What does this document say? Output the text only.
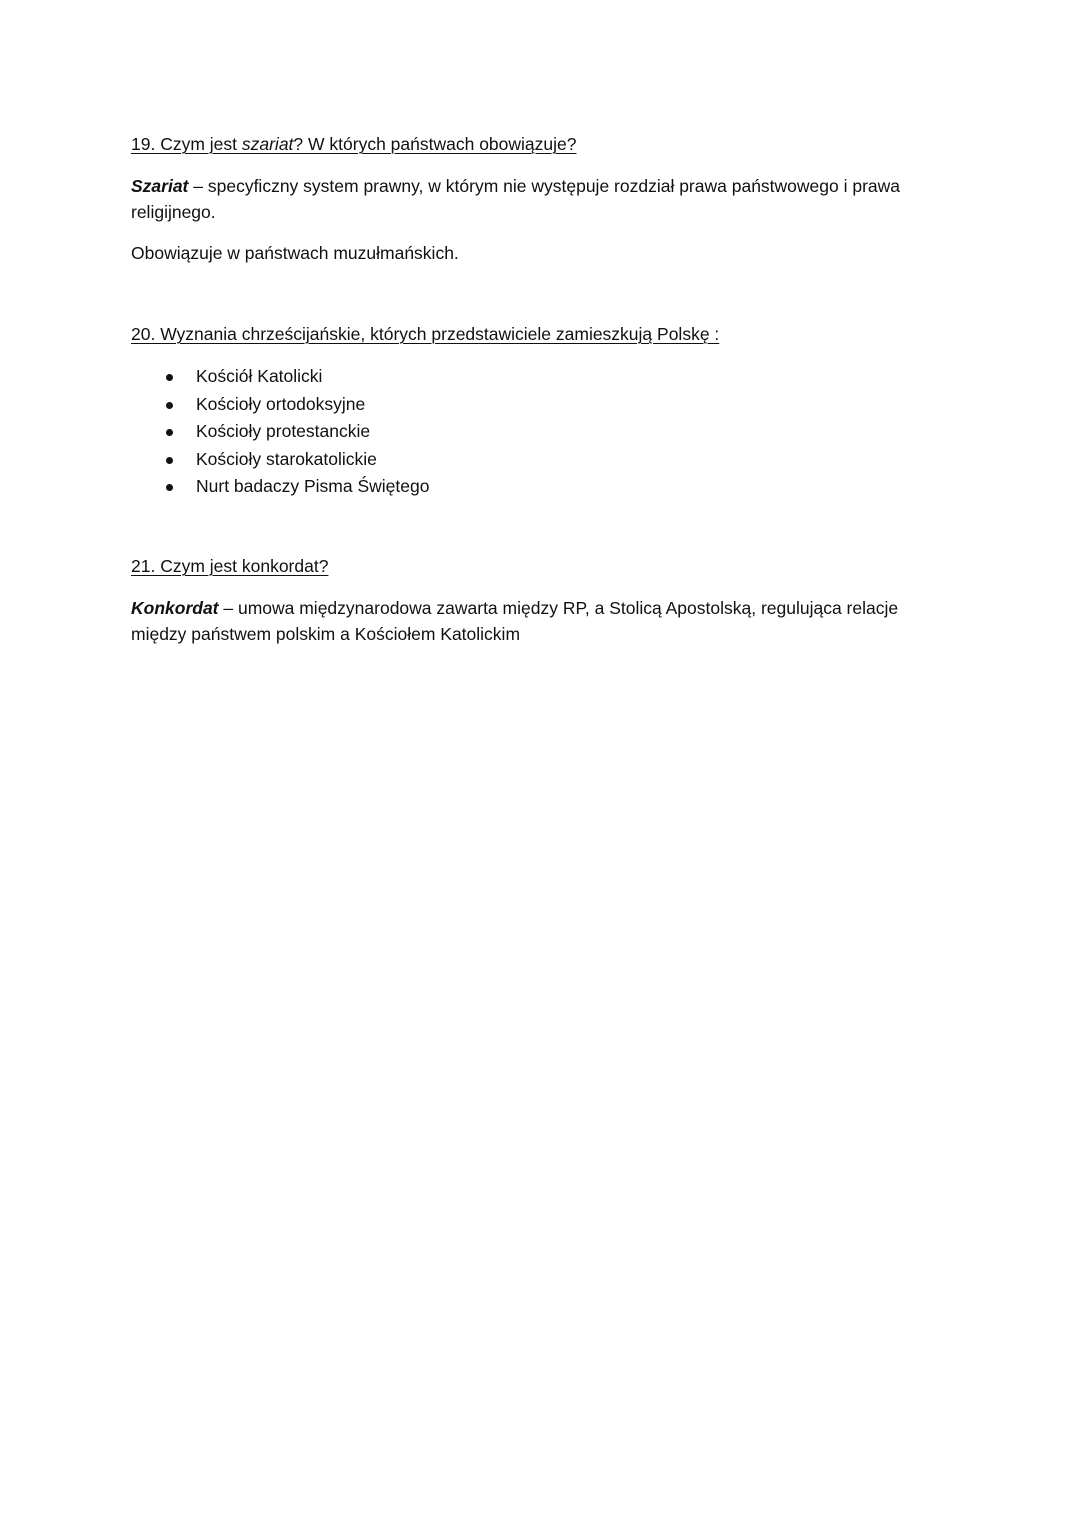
19. Czym jest szariat? W których państwach obowiązuje?

Szariat – specyficzny system prawny, w którym nie występuje rozdział prawa państwowego i prawa religijnego.

Obowiązuje w państwach muzułmańskich.

20. Wyznania chrześcijańskie, których przedstawiciele zamieszkują Polskę :

Kościół Katolicki
Kościoły ortodoksyjne
Kościoły protestanckie
Kościoły starokatolickie
Nurt badaczy Pisma Świętego

21. Czym jest konkordat?

Konkordat – umowa międzynarodowa zawarta między RP, a Stolicą Apostolską, regulująca relacje między państwem polskim a Kościołem Katolickim
